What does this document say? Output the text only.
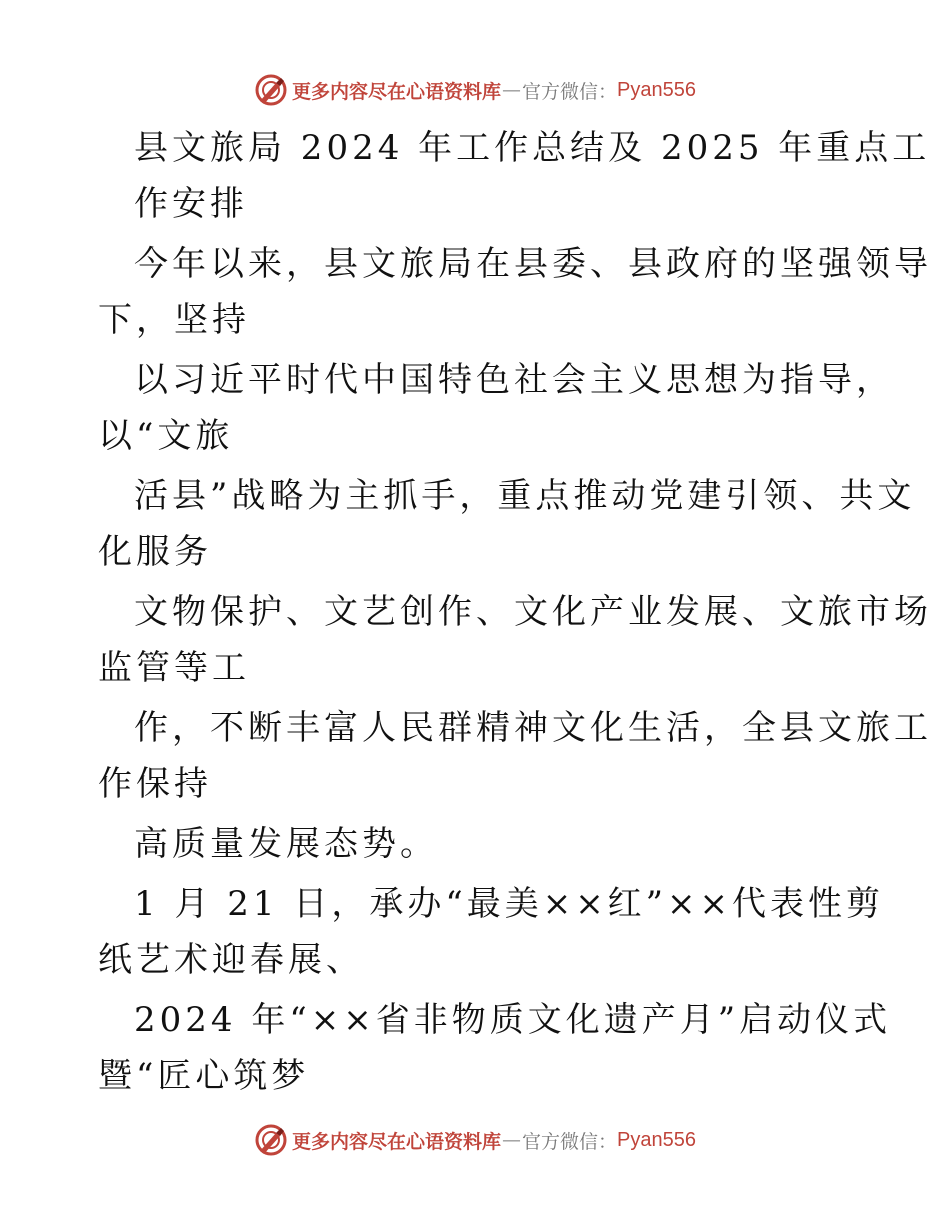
更多内容尽在心语资料库 — 官方微信： Pyan556
县文旅局 2024 年工作总结及 2025 年重点工
作安排
今年以来，县文旅局在县委、县政府的坚强领导
下，坚持
以习近平时代中国特色社会主义思想为指导，
以“文旅
活县”战略为主抓手，重点推动党建引领、共文
化服务
文物保护、文艺创作、文化产业发展、文旅市场
监管等工
作，不断丰富人民群精神文化生活，全县文旅工
作保持
高质量发展态势。
1 月 21 日，承办“最美××红”××代表性剪
纸艺术迎春展、
2024 年“××省非物质文化遗产月”启动仪式
暨“匠心筑梦
更多内容尽在心语资料库 — 官方微信： Pyan556
